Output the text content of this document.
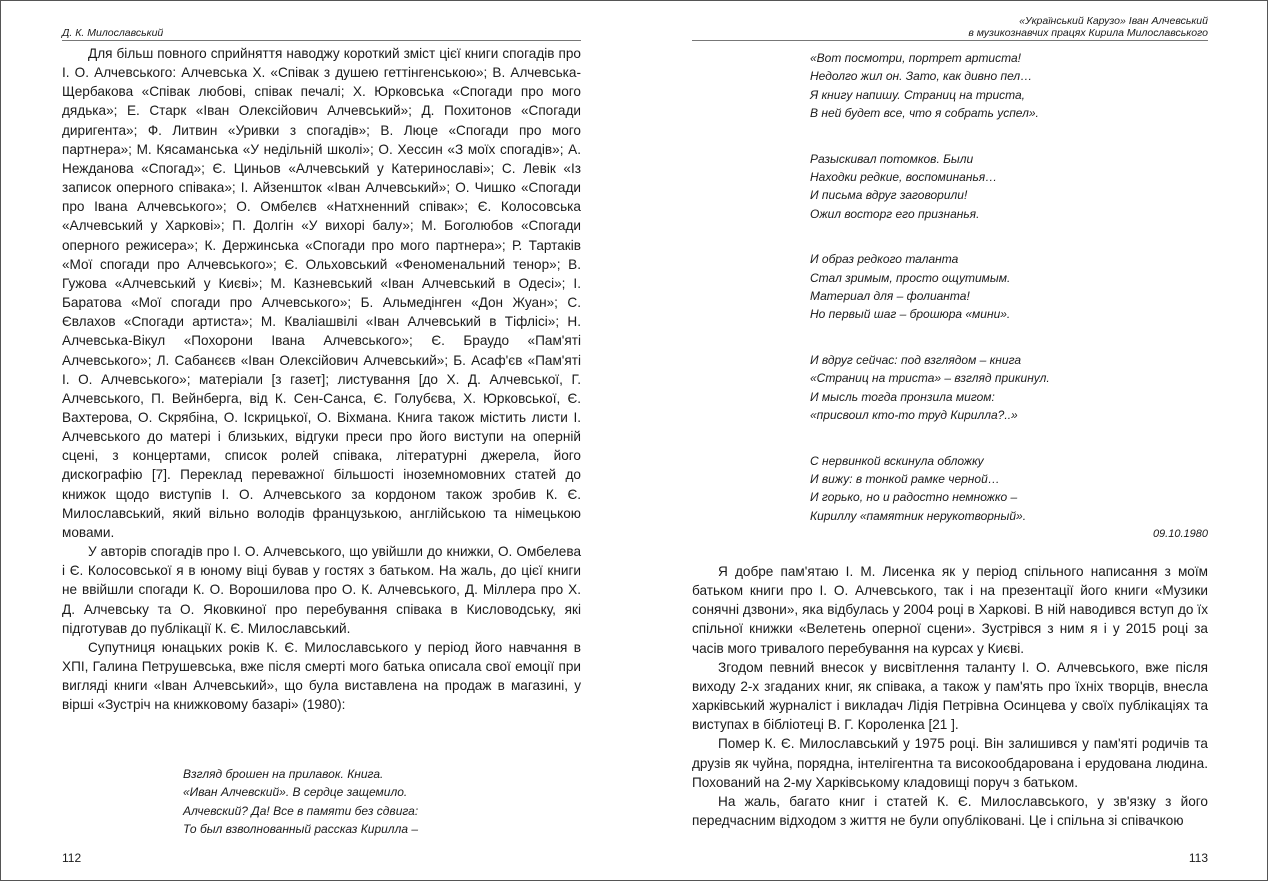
Д. К. Милославський

Для більш повного сприйняття наводжу короткий зміст цієї книги спогадів про І. О. Алчевського: Алчевська Х. «Співак з душею геттінгенською»; В. Алчевська-Щербакова «Співак любові, співак печалі; Х. Юрковська «Спогади про мого дядька»; Е. Старк «Іван Олексійович Алчевський»; Д. Похитонов «Спогади диригента»; Ф. Литвин «Уривки з спогадів»; В. Люце «Спогади про мого партнера»; М. Кясаманська «У недільній школі»; О. Хессин «З моїх спогадів»; А. Нежданова «Спогад»; Є. Циньов «Алчевський у Катеринославі»; С. Левік «Із записок оперного співака»; І. Айзеншток «Іван Алчевський»; О. Чишко «Спогади про Івана Алчевського»; О. Омбелєв «Натхненний співак»; Є. Колосовська «Алчевський у Харкові»; П. Долгін «У вихорі балу»; М. Боголюбов «Спогади оперного режисера»; К. Держинська «Спогади про мого партнера»; Р. Тартаків «Мої спогади про Алчевського»; Є. Ольховський «Феноменальний тенор»; В. Гужова «Алчевський у Києві»; М. Казневський «Іван Алчевський в Одесі»; І. Баратова «Мої спогади про Алчевського»; Б. Альмедінген «Дон Жуан»; С. Євлахов «Спогади артиста»; М. Кваліашвілі «Іван Алчевський в Тіфлісі»; Н. Алчевська-Вікул «Похорони Івана Алчевського»; Є. Браудо «Пам'яті Алчевського»; Л. Сабанєєв «Іван Олексійович Алчевський»; Б. Асаф'єв «Пам'яті І. О. Алчевського»; матеріали [з газет]; листування [до Х. Д. Алчевської, Г. Алчевського, П. Вейнберга, від К. Сен-Санса, Є. Голубєва, Х. Юрковської, Є. Вахтерова, О. Скрябіна, О. Іскрицької, О. Віхмана. Книга також містить листи І. Алчевського до матері і близьких, відгуки преси про його виступи на оперній сцені, з концертами, список ролей співака, літературні джерела, його дискографію [7]. Переклад переважної більшості іноземномовних статей до книжок щодо виступів І. О. Алчевського за кордоном також зробив К. Є. Милославський, який вільно володів французькою, англійською та німецькою мовами.

У авторів спогадів про І. О. Алчевського, що увійшли до книжки, О. Омбелева і Є. Колосовської я в юному віці бував у гостях з батьком. На жаль, до цієї книги не ввійшли спогади К. О. Ворошилова про О. К. Алчевського, Д. Міллера про Х. Д. Алчевську та О. Яковкиної про перебування співака в Кисловодську, які підготував до публікації К. Є. Милославський.

Супутниця юнацьких років К. Є. Милославського у період його навчання в ХПІ, Галина Петрушевська, вже після смерті мого батька описала свої емоції при вигляді книги «Іван Алчевський», що була виставлена на продаж в магазині, у вірші «Зустріч на книжковому базарі» (1980):

Взгляд брошен на прилавок. Книга.
«Иван Алчевский». В сердце защемило.
Алчевский? Да! Все в памяти без сдвига:
То был взволнованный рассказ Кирилла –
112
«Український Карузо» Іван Алчевський
в музикознавчих працях Кирила Милославського
«Вот посмотри, портрет артиста!
Недолго жил он. Зато, как дивно пел…
Я книгу напишу. Страниц на триста,
В ней будет все, что я собрать успел».
Разыскивал потомков. Были
Находки редкие, воспоминанья…
И письма вдруг заговорили!
Ожил восторг его признанья.
И образ редкого таланта
Стал зримым, просто ощутимым.
Материал для – фолианта!
Но первый шаг – брошюра «мини».
И вдруг сейчас: под взглядом – книга
«Страниц на триста» – взгляд прикинул.
И мысль тогда пронзила мигом:
«присвоил кто-то труд Кирилла?..»
С нервинкой вскинула обложку
И вижу: в тонкой рамке черной…
И горько, но и радостно немножко –
Кириллу «памятник нерукотворный».
09.10.1980

Я добре пам'ятаю І. М. Лисенка як у період спільного написання з моїм батьком книги про І. О. Алчевського, так і на презентації його книги «Музики сонячні дзвони», яка відбулась у 2004 році в Харкові. В ній наводився вступ до їх спільної книжки «Велетень оперної сцени». Зустрівся з ним я і у 2015 році за часів мого тривалого перебування на курсах у Києві.

Згодом певний внесок у висвітлення таланту І. О. Алчевського, вже після виходу 2-х згаданих книг, як співака, а також у пам'ять про їхніх творців, внесла харківський журналіст і викладач Лідія Петрівна Осинцева у своїх публікаціях та виступах в бібліотеці В. Г. Короленка [21 ].

Помер К. Є. Милославський у 1975 році. Він залишився у пам'яті родичів та друзів як чуйна, порядна, інтелігентна та високообдарована і ерудована людина. Похований на 2-му Харківському кладовищі поруч з батьком.

На жаль, багато книг і статей К. Є. Милославського, у зв'язку з його передчасним відходом з життя не були опубліковані. Це і спільна зі співачкою

113
